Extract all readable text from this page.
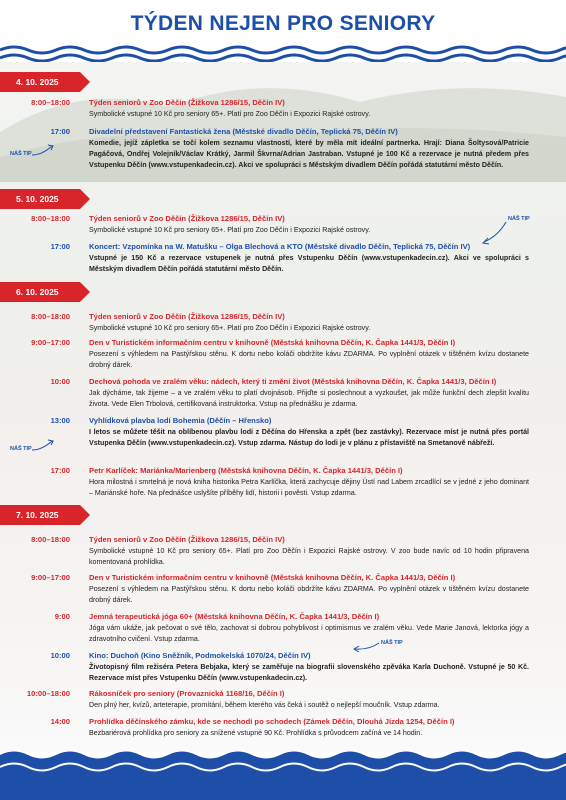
TÝDEN NEJEN PRO SENIORY
4. 10. 2025
8:00–18:00	Týden seniorů v Zoo Děčín (Žižkova 1286/15, Děčín IV)
Symbolické vstupné 10 Kč pro seniory 65+. Platí pro Zoo Děčín i Expozici Rajské ostrovy.
17:00	Divadelní představení Fantastická žena (Městské divadlo Děčín, Teplická 75, Děčín IV)
Komedie, jejíž zápletka se točí kolem seznamu vlastností, které by měla mít ideální partnerka. Hrají: Diana Šoltysová/Patricie Pagáčová, Ondřej Volejník/Václav Krátký, Jarmil Škvrna/Adrian Jastraban. Vstupné je 100 Kč a rezervace je nutná předem přes Vstupenku Děčín (www.vstupenkadecin.cz). Akci ve spolupráci s Městským divadlem Děčín pořádá statutární město Děčín.
NÁŠ TIP
5. 10. 2025
8:00–18:00	Týden seniorů v Zoo Děčín (Žižkova 1286/15, Děčín IV)
Symbolické vstupné 10 Kč pro seniory 65+. Platí pro Zoo Děčín i Expozici Rajské ostrovy.
17:00	Koncert: Vzpomínka na W. Matušku – Olga Blechová a KTO (Městské divadlo Děčín, Teplická 75, Děčín IV)
Vstupné je 150 Kč a rezervace vstupenek je nutná přes Vstupenku Děčín (www.vstupenkadecin.cz). Akci ve spolupráci s Městským divadlem Děčín pořádá statutární město Děčín.
NÁŠ TIP
6. 10. 2025
8:00–18:00	Týden seniorů v Zoo Děčín (Žižkova 1286/15, Děčín IV)
Symbolické vstupné 10 Kč pro seniory 65+. Platí pro Zoo Děčín i Expozici Rajské ostrovy.
9:00–17:00	Den v Turistickém informačním centru v knihovně (Městská knihovna Děčín, K. Čapka 1441/3, Děčín I)
Posezení s výhledem na Pastýřskou stěnu. K dortu nebo koláči obdržíte kávu ZDARMA. Po vyplnění otázek v tištěném kvízu dostanete drobný dárek.
10:00	Dechová pohoda ve zralém věku: nádech, který ti změní život (Městská knihovna Děčín, K. Čapka 1441/3, Děčín I)
Jak dýcháme, tak žijeme – a ve zralém věku to platí dvojnásob. Přijďte si poslechnout a vyzkoušet, jak může funkční dech zlepšit kvalitu života. Vede Elen Trbolová, certifikovaná instruktorka. Vstup na přednášku je zdarma.
13:00	Vyhlídková plavba lodí Bohemia (Děčín – Hřensko)
I letos se můžete těšit na oblíbenou plavbu lodí z Děčína do Hřenska a zpět (bez zastávky). Rezervace míst je nutná přes portál Vstupenka Děčín (www.vstupenkadecin.cz). Vstup zdarma. Nástup do lodi je v plánu z přístaviště na Smetanově nábřeží.
NÁŠ TIP
17:00	Petr Karlíček: Mariánka/Marienberg (Městská knihovna Děčín, K. Čapka 1441/3, Děčín I)
Hora milostná i smrtelná je nová kniha historika Petra Karlíčka, která zachycuje dějiny Ústí nad Labem zrcadlící se v jedné z jeho dominant – Mariánské hoře. Na přednášce uslyšíte příběhy lidí, historii i pověsti. Vstup zdarma.
7. 10. 2025
8:00–18:00	Týden seniorů v Zoo Děčín (Žižkova 1286/15, Děčín IV)
Symbolické vstupné 10 Kč pro seniory 65+. Platí pro Zoo Děčín i Expozici Rajské ostrovy. V zoo bude navíc od 10 hodin připravena komentovaná prohlídka.
9:00–17:00	Den v Turistickém informačním centru v knihovně (Městská knihovna Děčín, K. Čapka 1441/3, Děčín I)
Posezení s výhledem na Pastýřskou stěnu. K dortu nebo koláči obdržíte kávu ZDARMA. Po vyplnění otázek v tištěném kvízu dostanete drobný dárek.
9:00	Jemná terapeutická jóga 60+ (Městská knihovna Děčín, K. Čapka 1441/3, Děčín I)
Jóga vám ukáže, jak pečovat o své tělo, zachovat si dobrou pohyblivost i optimismus ve zralém věku. Vede Marie Janová, lektorka jógy a zdravotního cvičení. Vstup zdarma.
10:00	Kino: Duchoň (Kino Sněžník, Podmokelská 1070/24, Děčín IV)
Životopisný film režiséra Petera Bebjaka, který se zaměřuje na biografii slovenského zpěváka Karla Duchoně. Vstupné je 50 Kč. Rezervace míst přes Vstupenku Děčín (www.vstupenkadecin.cz).
NÁŠ TIP
10:00–18:00	Rákosníček pro seniory (Provaznická 1168/16, Děčín I)
Den plný her, kvízů, arteterapie, promítání, během kterého vás čeká i soutěž o nejlepší moučník. Vstup zdarma.
14:00	Prohlídka děčínského zámku, kde se nechodí po schodech (Zámek Děčín, Dlouhá Jízda 1254, Děčín I)
Bezbariérová prohlídka pro seniory za snížené vstupné 90 Kč. Prohlídka s průvodcem začíná ve 14 hodin.
